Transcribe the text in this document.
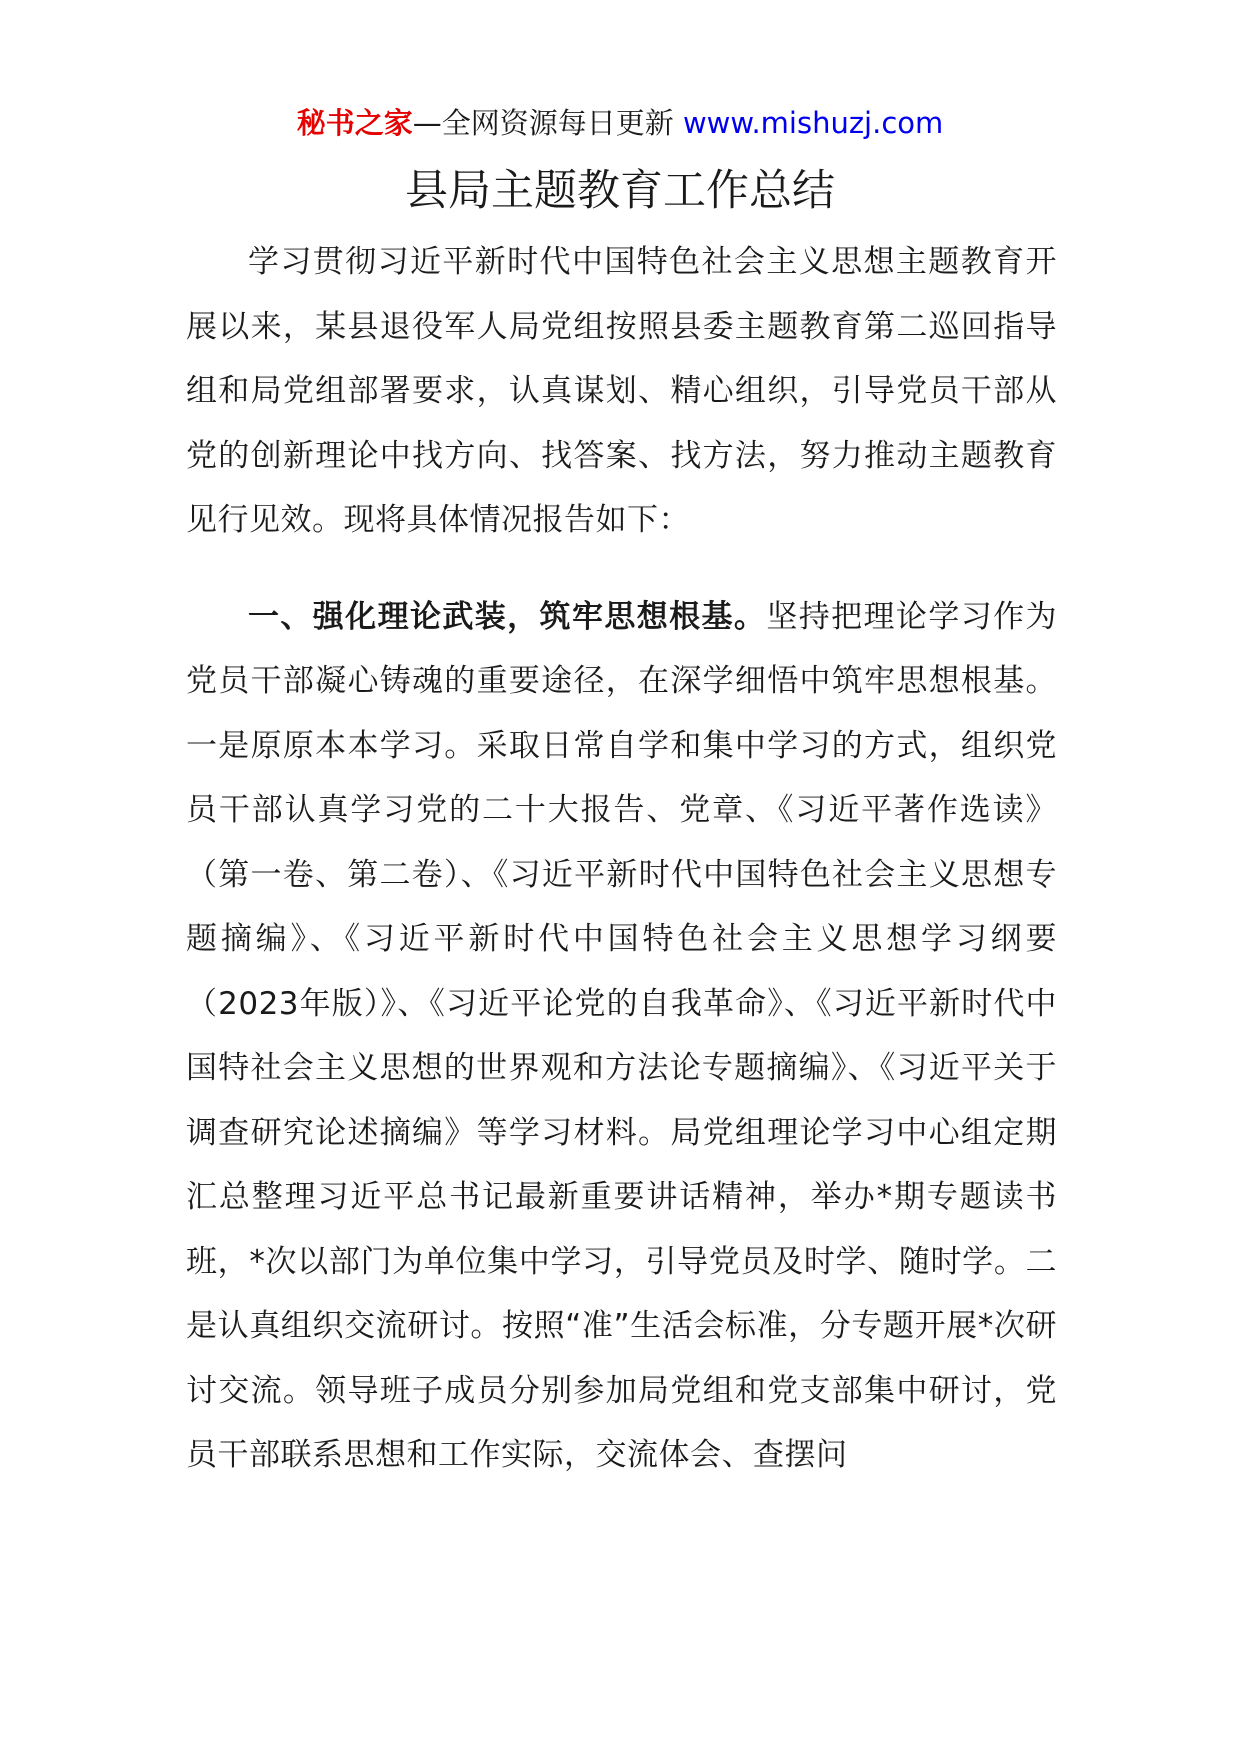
秘书之家—全网资源每日更新 www.mishuzj.com
县局主题教育工作总结

学习贯彻习近平新时代中国特色社会主义思想主题教育开展以来，某县退役军人局党组按照县委主题教育第二巡回指导组和局党组部署要求，认真谋划、精心组织，引导党员干部从党的创新理论中找方向、找答案、找方法，努力推动主题教育见行见效。现将具体情况报告如下：

一、强化理论武装，筑牢思想根基。坚持把理论学习作为党员干部凝心铸魂的重要途径，在深学细悟中筑牢思想根基。一是原原本本学习。采取日常自学和集中学习的方式，组织党员干部认真学习党的二十大报告、党章、《习近平著作选读》（第一卷、第二卷）、《习近平新时代中国特色社会主义思想专题摘编》、《习近平新时代中国特色社会主义思想学习纲要（2023年版）》、《习近平论党的自我革命》、《习近平新时代中国特社会主义思想的世界观和方法论专题摘编》、《习近平关于调查研究论述摘编》等学习材料。局党组理论学习中心组定期汇总整理习近平总书记最新重要讲话精神，举办*期专题读书班，*次以部门为单位集中学习，引导党员及时学、随时学。二是认真组织交流研讨。按照“准”生活会标准，分专题开展*次研讨交流。领导班子成员分别参加局党组和党支部集中研讨，党员干部联系思想和工作实际，交流体会、查摆问
